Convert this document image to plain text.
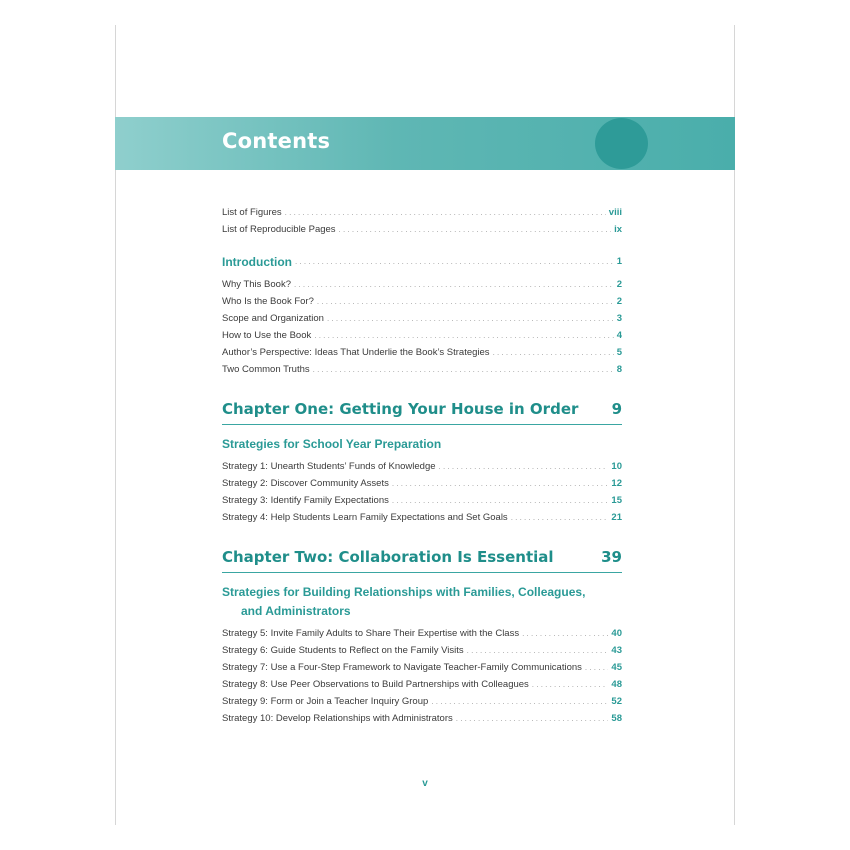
Contents
List of Figures . . .	viii
List of Reproducible Pages . . .	ix
Introduction . . .	1
Why This Book? . . .	2
Who Is the Book For? . . .	2
Scope and Organization . . .	3
How to Use the Book . . .	4
Author’s Perspective: Ideas That Underlie the Book’s Strategies . . .	5
Two Common Truths . . .	8
Chapter One: Getting Your House in Order 9
Strategies for School Year Preparation
Strategy 1: Unearth Students’ Funds of Knowledge . . .	10
Strategy 2: Discover Community Assets . . .	12
Strategy 3: Identify Family Expectations . . .	15
Strategy 4: Help Students Learn Family Expectations and Set Goals . . .	21
Chapter Two: Collaboration Is Essential	39
Strategies for Building Relationships with Families, Colleagues,
and Administrators
Strategy 5: Invite Family Adults to Share Their Expertise with the Class . . .	40
Strategy 6: Guide Students to Reflect on the Family Visits . . .	43
Strategy 7: Use a Four-Step Framework to Navigate Teacher-Family Communications . . .	45
Strategy 8: Use Peer Observations to Build Partnerships with Colleagues . . .	48
Strategy 9: Form or Join a Teacher Inquiry Group . . .	52
Strategy 10: Develop Relationships with Administrators . . .	58
v
